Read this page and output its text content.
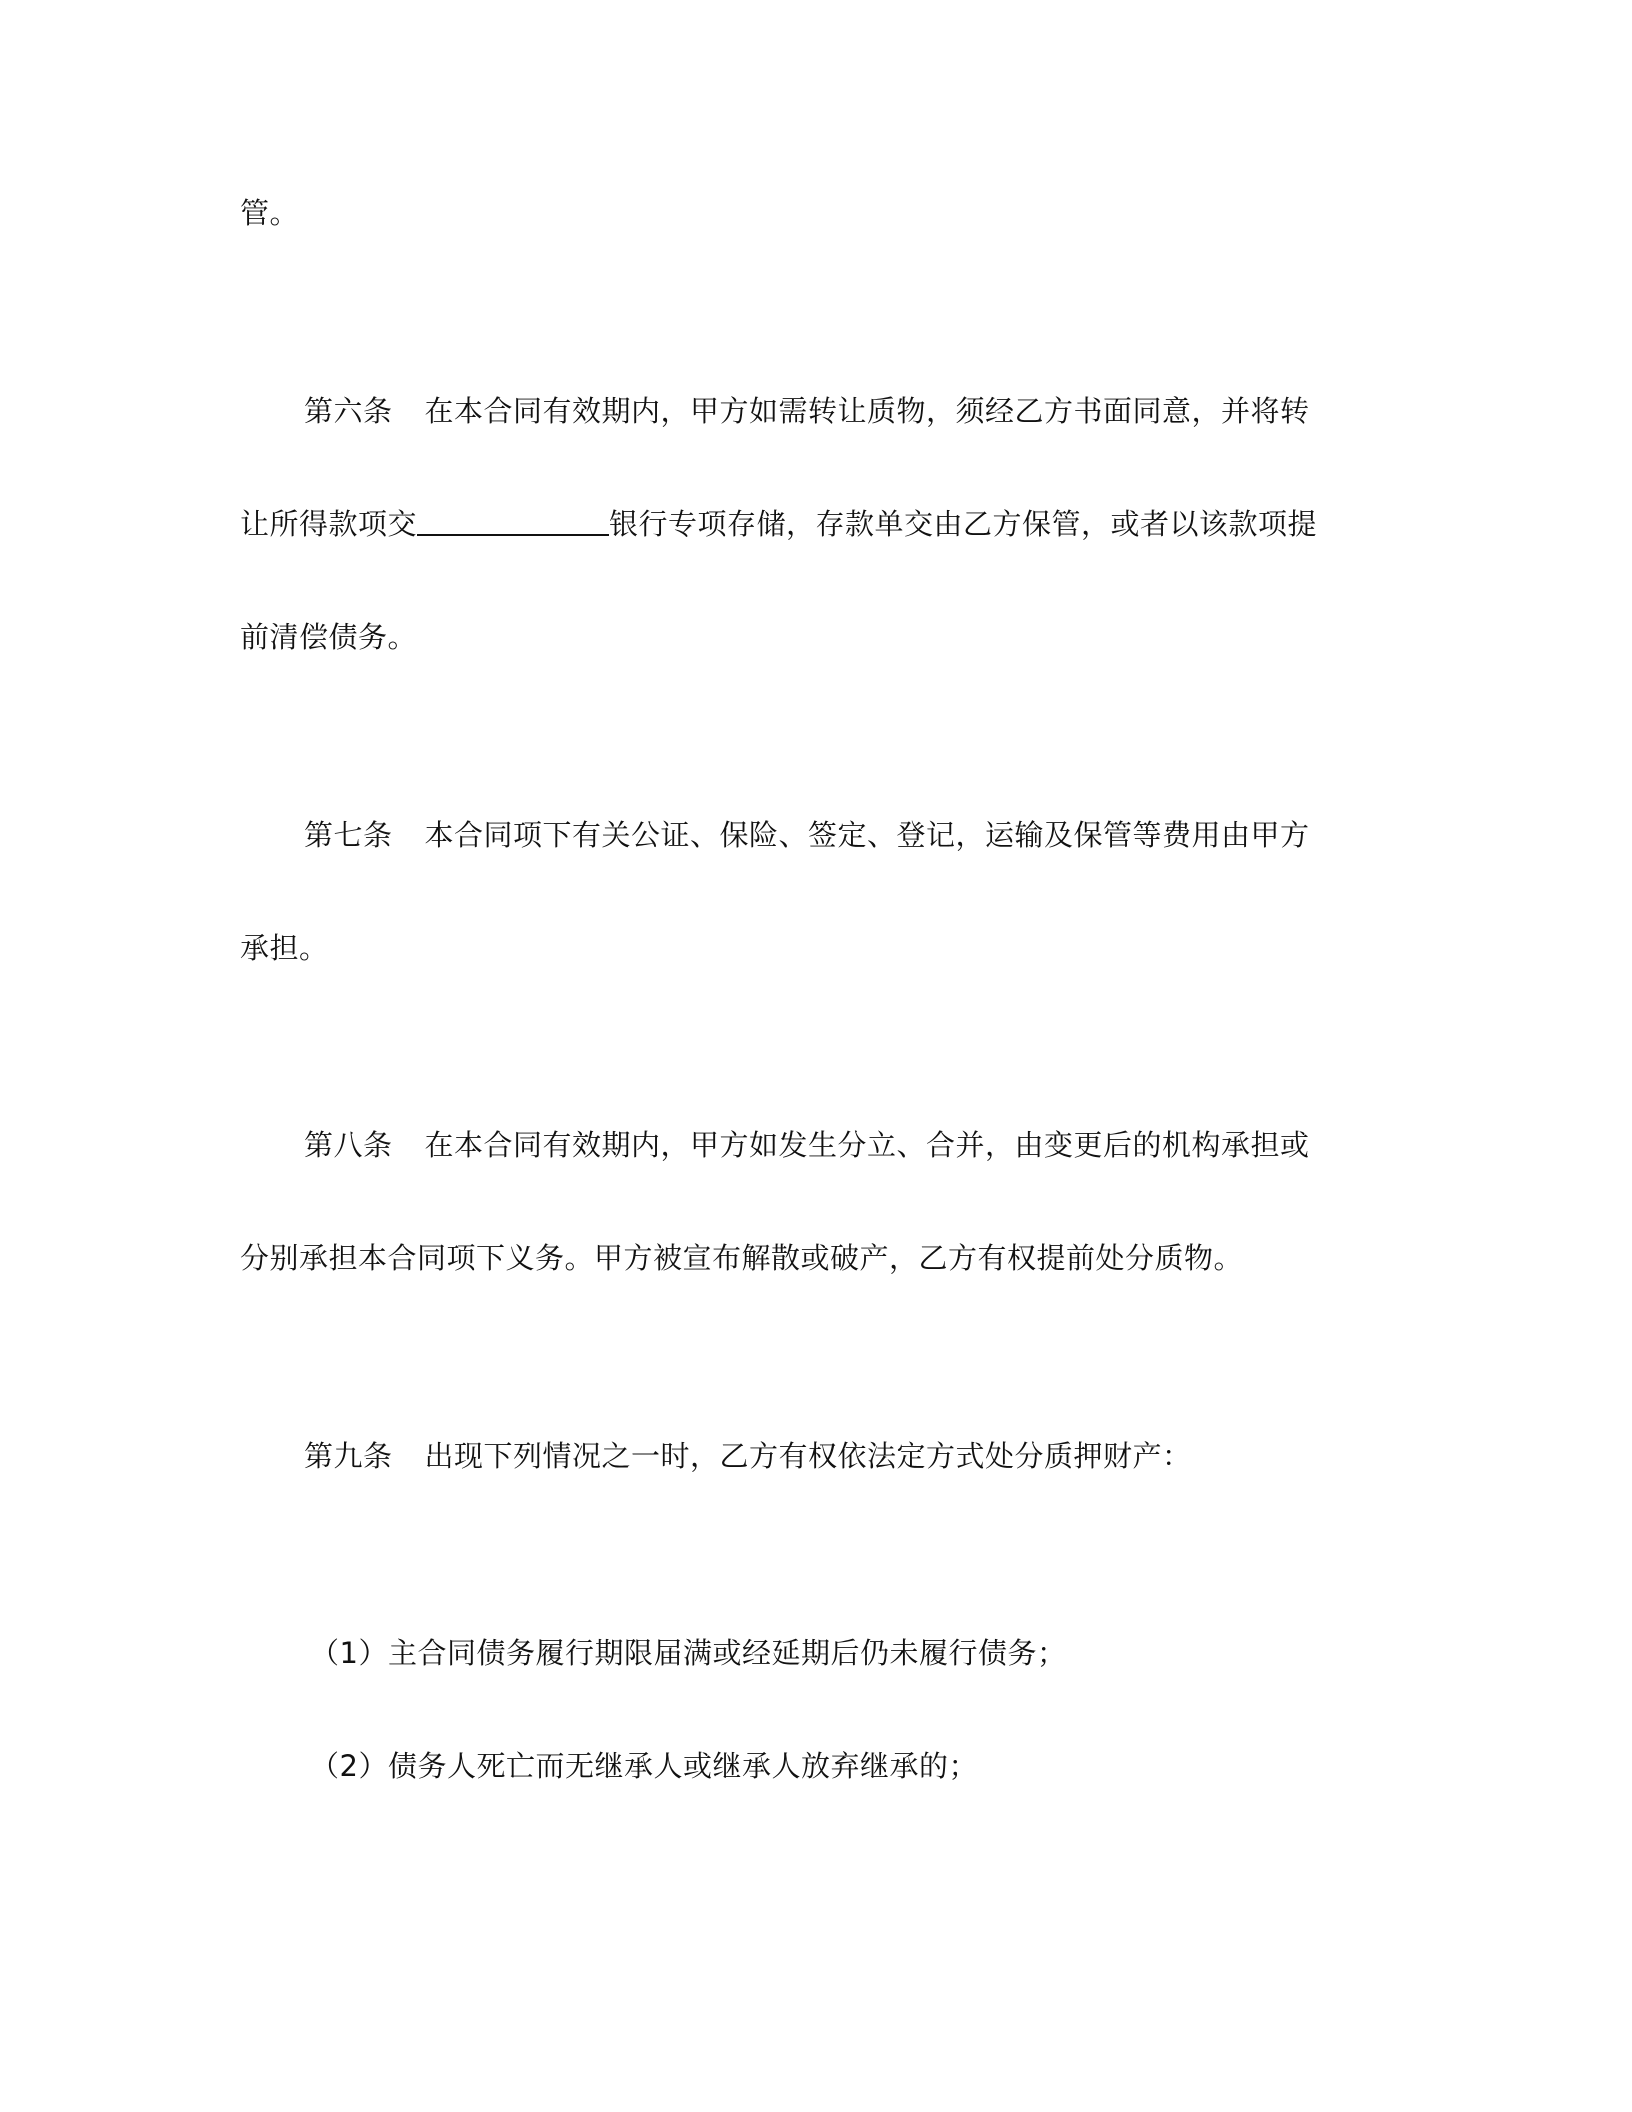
管。
第六条 在本合同有效期内，甲方如需转让质物，须经乙方书面同意，并将转
让所得款项交	银行专项存储，存款单交由乙方保管，或者以该款项提
前清偿债务。
第七条 本合同项下有关公证、保险、签定、登记，运输及保管等费用由甲方
承担。
第八条 在本合同有效期内，甲方如发生分立、合并，由变更后的机构承担或
分别承担本合同项下义务。甲方被宣布解散或破产，乙方有权提前处分质物。
第九条 出现下列情况之一时，乙方有权依法定方式处分质押财产：
（1）主合同债务履行期限届满或经延期后仍未履行债务；
（2）债务人死亡而无继承人或继承人放弃继承的；
